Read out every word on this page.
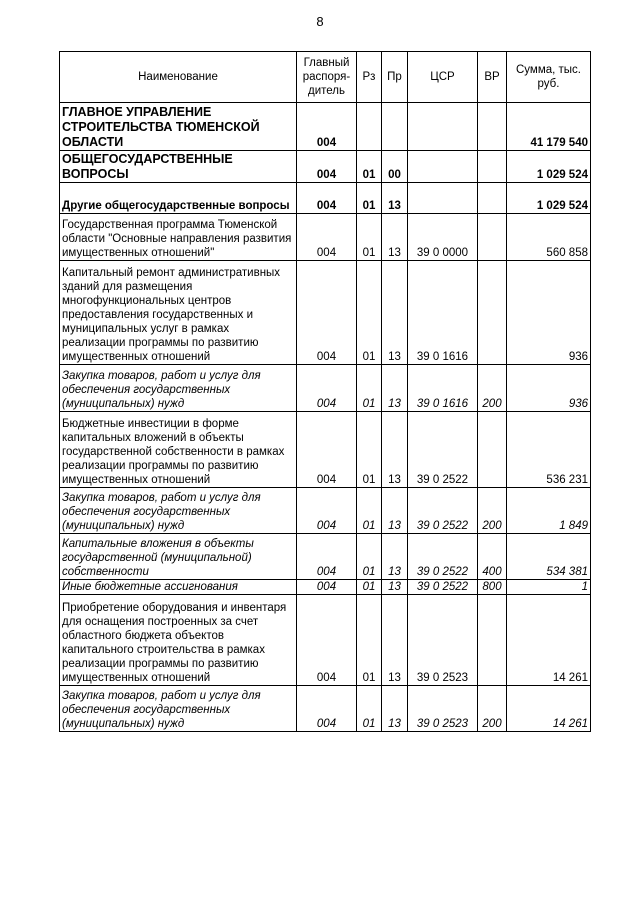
8
Наименование	Главный распоря-дитель	Рз	Пр	ЦСР	ВР	Сумма, тыс. руб.
ГЛАВНОЕ УПРАВЛЕНИЕ СТРОИТЕЛЬСТВА ТЮМЕНСКОЙ ОБЛАСТИ	004					41 179 540
ОБЩЕГОСУДАРСТВЕННЫЕ ВОПРОСЫ	004	01	00			1 029 524
Другие общегосударственные вопросы	004	01	13			1 029 524
Государственная программа Тюменской области "Основные направления развития имущественных отношений"	004	01	13	39 0 0000		560 858
Капитальный ремонт административных зданий для размещения многофункциональных центров предоставления государственных и муниципальных услуг в рамках реализации программы по развитию имущественных отношений	004	01	13	39 0 1616		936
Закупка товаров, работ и услуг для обеспечения государственных (муниципальных) нужд	004	01	13	39 0 1616	200	936
Бюджетные инвестиции в форме капитальных вложений в объекты государственной собственности в рамках реализации программы по развитию имущественных отношений	004	01	13	39 0 2522		536 231
Закупка товаров, работ и услуг для обеспечения государственных (муниципальных) нужд	004	01	13	39 0 2522	200	1 849
Капитальные вложения в объекты государственной (муниципальной) собственности	004	01	13	39 0 2522	400	534 381
Иные бюджетные ассигнования	004	01	13	39 0 2522	800	1
Приобретение оборудования и инвентаря для оснащения построенных за счет областного бюджета объектов капитального строительства в рамках реализации программы по развитию имущественных отношений	004	01	13	39 0 2523		14 261
Закупка товаров, работ и услуг для обеспечения государственных (муниципальных) нужд	004	01	13	39 0 2523	200	14 261
